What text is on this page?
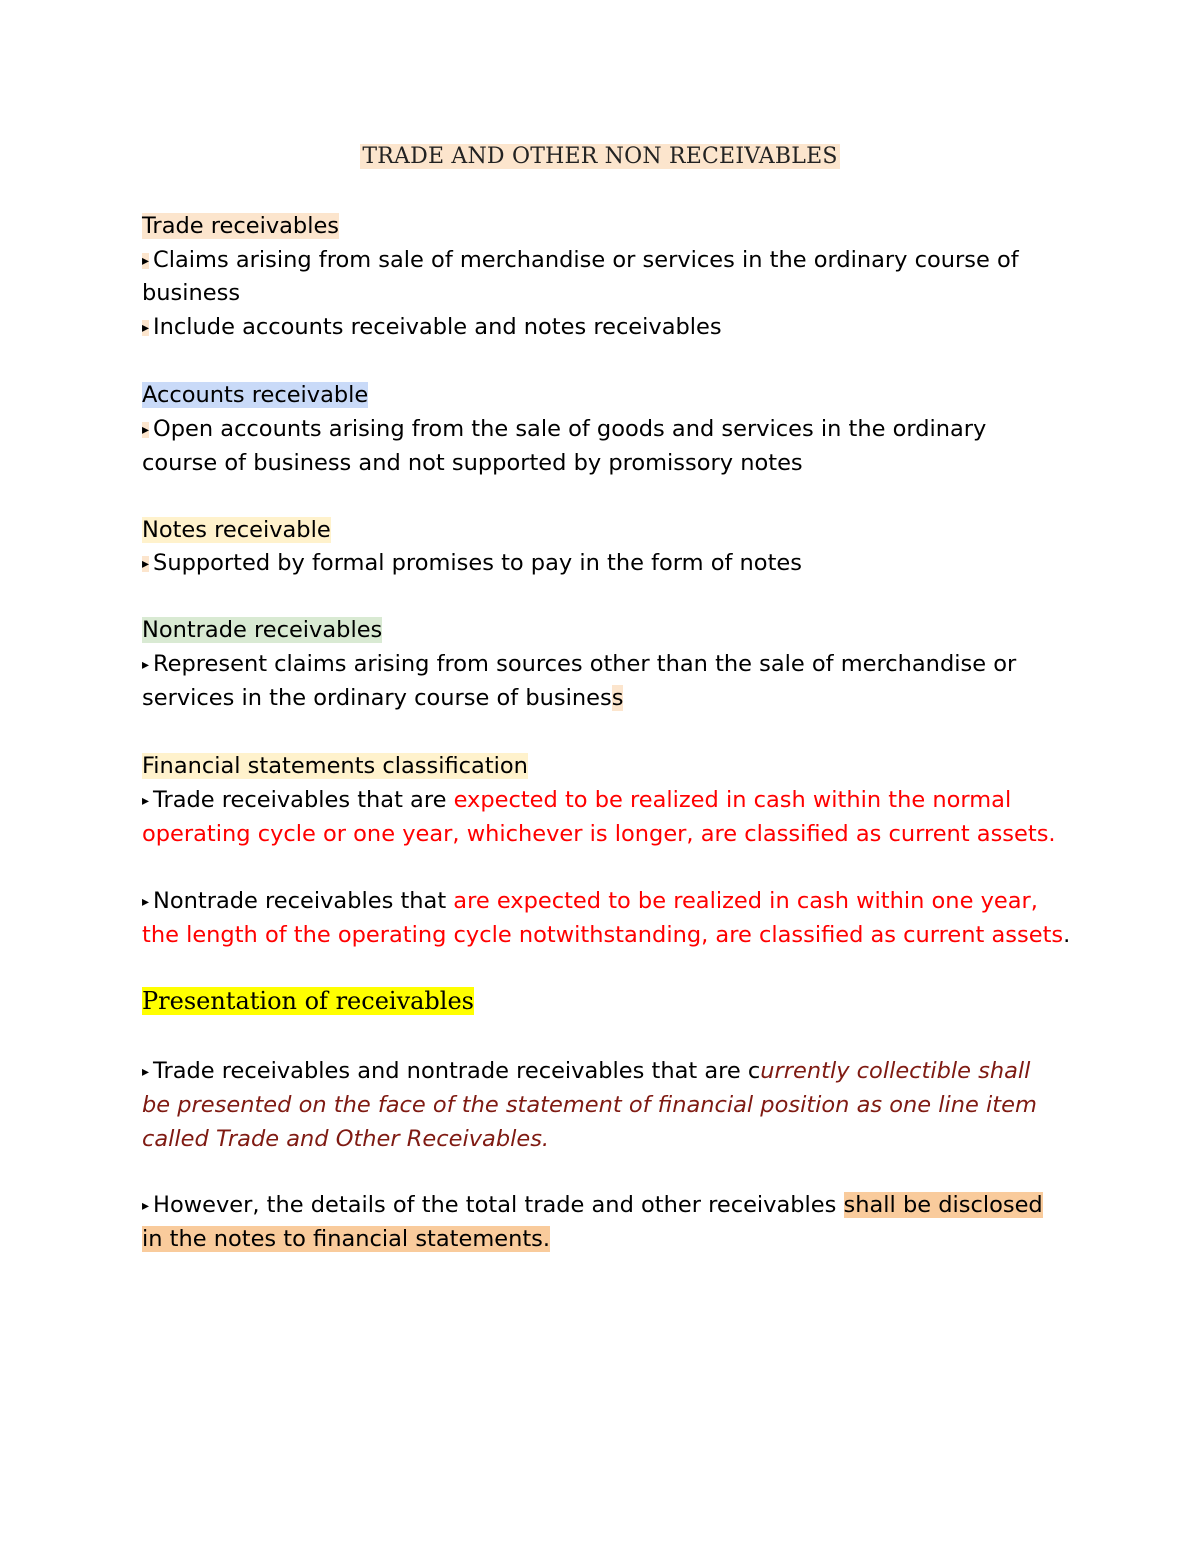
TRADE AND OTHER NON RECEIVABLES
Trade receivables
▸ Claims arising from sale of merchandise or services in the ordinary course of
business
▸ Include accounts receivable and notes receivables
Accounts receivable
▸ Open accounts arising from the sale of goods and services in the ordinary
course of business and not supported by promissory notes
Notes receivable
▸ Supported by formal promises to pay in the form of notes
Nontrade receivables
▸ Represent claims arising from sources other than the sale of merchandise or
services in the ordinary course of business
Financial statements classification
▸ Trade receivables that are expected to be realized in cash within the normal
operating cycle or one year, whichever is longer, are classified as current assets.
▸ Nontrade receivables that are expected to be realized in cash within one year,
the length of the operating cycle notwithstanding, are classified as current assets.
Presentation of receivables
▸ Trade receivables and nontrade receivables that are currently collectible shall
be presented on the face of the statement of financial position as one line item
called Trade and Other Receivables.
▸ However, the details of the total trade and other receivables shall be disclosed
in the notes to financial statements.
